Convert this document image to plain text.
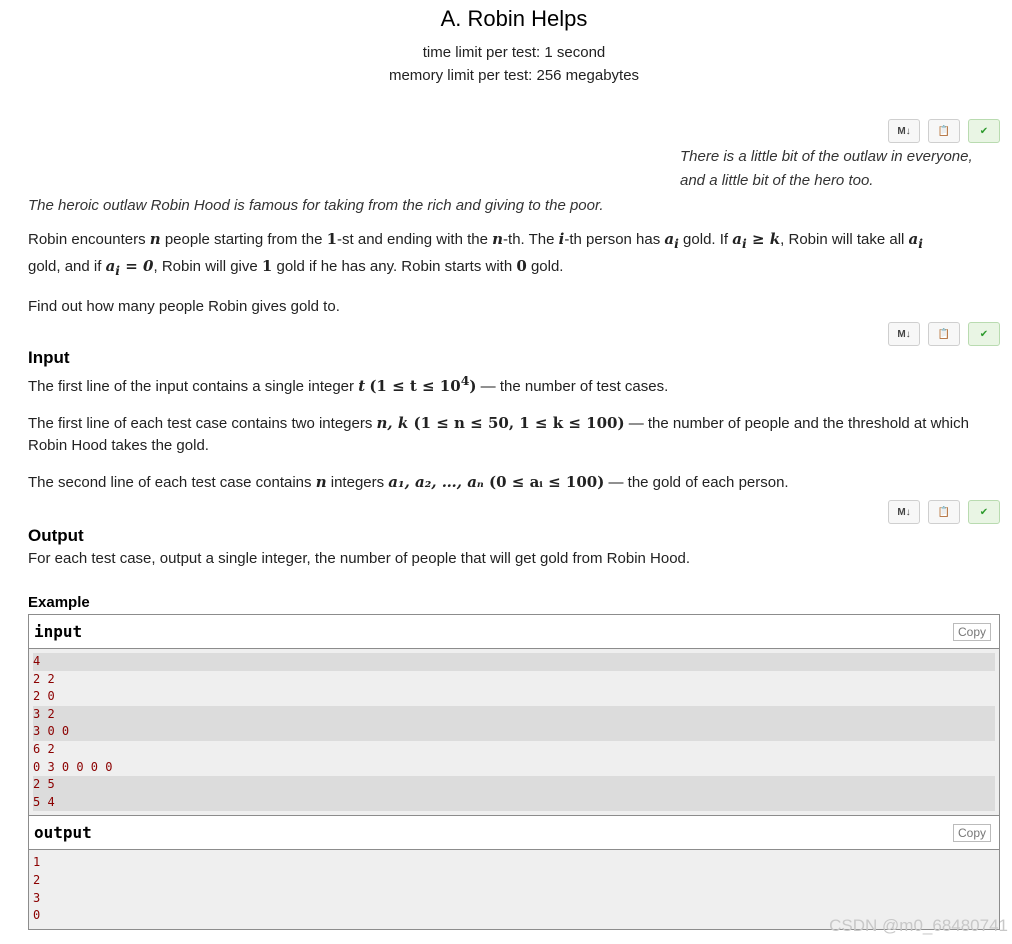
A. Robin Helps
time limit per test: 1 second
memory limit per test: 256 megabytes
M↓	📋	✔
There is a little bit of the outlaw in everyone,
and a little bit of the hero too.
The heroic outlaw Robin Hood is famous for taking from the rich and giving to the poor.

Robin encounters n people starting from the 1-st and ending with the n-th. The i-th person has $a_i$ gold. If $a_i \ge k$, Robin will take all $a_i$
gold, and if $a_i = 0$, Robin will give 1 gold if he has any. Robin starts with 0 gold.

Find out how many people Robin gives gold to.

M↓	📋	✔
Input

The first line of the input contains a single integer t $(1 \le t \le 10^4)$ — the number of test cases.

The first line of each test case contains two integers n, k (1 ≤ n ≤ 50, 1 ≤ k ≤ 100) — the number of people and the threshold at which Robin Hood takes the gold.

The second line of each test case contains n integers a₁, a₂, …, aₙ (0 ≤ aᵢ ≤ 100) — the gold of each person.

M↓	📋	✔
Output

For each test case, output a single integer, the number of people that will get gold from Robin Hood.

Example
input	Copy
4
2 2
2 0
3 2
3 0 0
6 2
0 3 0 0 0 0
2 5
5 4
output	Copy
1
2
3
0
CSDN @m0_68480741
